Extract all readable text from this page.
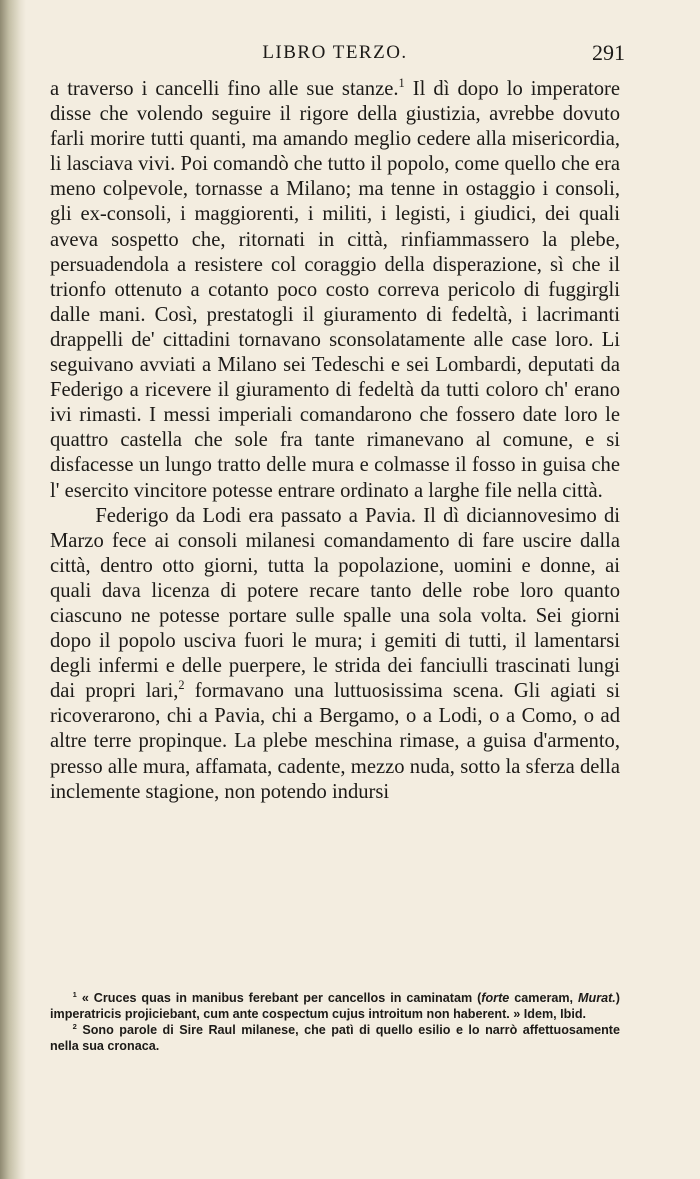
LIBRO TERZO.	291

a traverso i cancelli fino alle sue stanze.$^1$ Il dì dopo lo imperatore disse che volendo seguire il rigore della giustizia, avrebbe dovuto farli morire tutti quanti, ma amando meglio cedere alla misericordia, li lasciava vivi. Poi comandò che tutto il popolo, come quello che era meno colpevole, tornasse a Milano; ma tenne in ostaggio i consoli, gli ex-consoli, i maggiorenti, i militi, i legisti, i giudici, dei quali aveva sospetto che, ritornati in città, rinfiammassero la plebe, persuadendola a resistere col coraggio della disperazione, sì che il trionfo ottenuto a cotanto poco costo correva pericolo di fuggirgli dalle mani. Così, prestatogli il giuramento di fedeltà, i lacrimanti drappelli de' cittadini tornavano sconsolatamente alle case loro. Li seguivano avviati a Milano sei Tedeschi e sei Lombardi, deputati da Federigo a ricevere il giuramento di fedeltà da tutti coloro ch' erano ivi rimasti. I messi imperiali comandarono che fossero date loro le quattro castella che sole fra tante rimanevano al comune, e si disfacesse un lungo tratto delle mura e colmasse il fosso in guisa che l' esercito vincitore potesse entrare ordinato a larghe file nella città.

Federigo da Lodi era passato a Pavia. Il dì diciannovesimo di Marzo fece ai consoli milanesi comandamento di fare uscire dalla città, dentro otto giorni, tutta la popolazione, uomini e donne, ai quali dava licenza di potere recare tanto delle robe loro quanto ciascuno ne potesse portare sulle spalle una sola volta. Sei giorni dopo il popolo usciva fuori le mura; i gemiti di tutti, il lamentarsi degli infermi e delle puerpere, le strida dei fanciulli trascinati lungi dai propri lari,$^2$ formavano una luttuosissima scena. Gli agiati si ricoverarono, chi a Pavia, chi a Bergamo, o a Lodi, o a Como, o ad altre terre propinque. La plebe meschina rimase, a guisa d'armento, presso alle mura, affamata, cadente, mezzo nuda, sotto la sferza della inclemente stagione, non potendo indursi

$^1$ « Cruces quas in manibus ferebant per cancellos in caminatam (forte cameram, Murat.) imperatricis projiciebant, cum ante cospectum cujus introitum non haberent. » Idem, Ibid.

$^2$ Sono parole di Sire Raul milanese, che patì di quello esilio e lo narrò affettuosamente nella sua cronaca.
